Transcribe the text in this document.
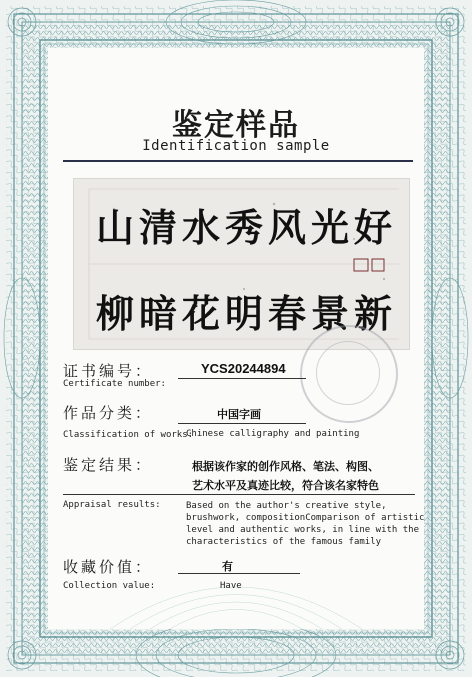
鉴定样品
Identification sample
山清水秀风光好
柳暗花明春景新
证书编号：	YCS20244894
Certificate number:
作品分类：	中国字画
Classification of works:
Chinese calligraphy and painting
鉴定结果：	根据该作家的创作风格、笔法、构图、
艺术水平及真迹比较，符合该名家特色
Appraisal results:	Based on the author's creative style,
brushwork, compositionComparison of artistic
level and authentic works, in line with the
characteristics of the famous family
收藏价值：	有
Collection value:	Have
